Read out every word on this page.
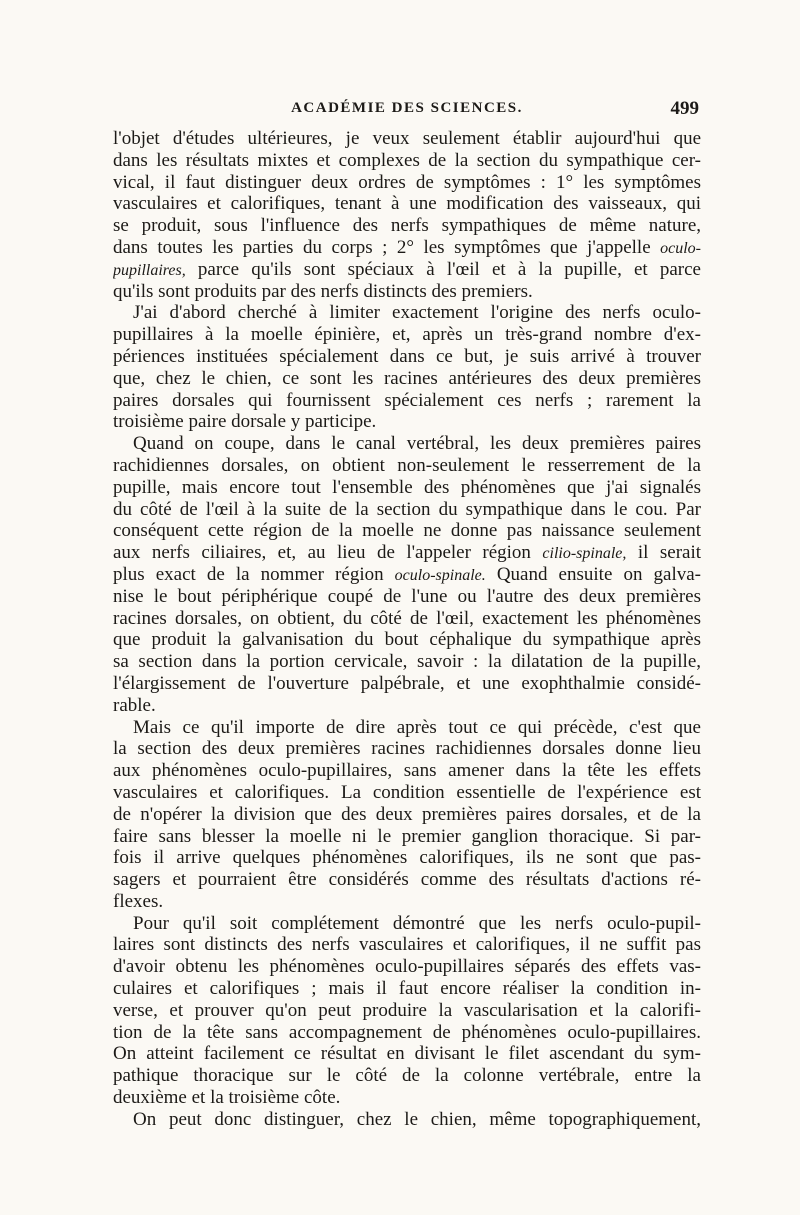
ACADÉMIE DES SCIENCES.	499
l'objet d'études ultérieures, je veux seulement établir aujourd'hui que
dans les résultats mixtes et complexes de la section du sympathique cer-
vical, il faut distinguer deux ordres de symptômes : 1° les symptômes
vasculaires et calorifiques, tenant à une modification des vaisseaux, qui
se produit, sous l'influence des nerfs sympathiques de même nature,
dans toutes les parties du corps ; 2° les symptômes que j'appelle oculo-
pupillaires, parce qu'ils sont spéciaux à l'œil et à la pupille, et parce
qu'ils sont produits par des nerfs distincts des premiers.
J'ai d'abord cherché à limiter exactement l'origine des nerfs oculo-
pupillaires à la moelle épinière, et, après un très-grand nombre d'ex-
périences instituées spécialement dans ce but, je suis arrivé à trouver
que, chez le chien, ce sont les racines antérieures des deux premières
paires dorsales qui fournissent spécialement ces nerfs ; rarement la
troisième paire dorsale y participe.
Quand on coupe, dans le canal vertébral, les deux premières paires
rachidiennes dorsales, on obtient non-seulement le resserrement de la
pupille, mais encore tout l'ensemble des phénomènes que j'ai signalés
du côté de l'œil à la suite de la section du sympathique dans le cou. Par
conséquent cette région de la moelle ne donne pas naissance seulement
aux nerfs ciliaires, et, au lieu de l'appeler région cilio-spinale, il serait
plus exact de la nommer région oculo-spinale. Quand ensuite on galva-
nise le bout périphérique coupé de l'une ou l'autre des deux premières
racines dorsales, on obtient, du côté de l'œil, exactement les phénomènes
que produit la galvanisation du bout céphalique du sympathique après
sa section dans la portion cervicale, savoir : la dilatation de la pupille,
l'élargissement de l'ouverture palpébrale, et une exophthalmie considé-
rable.
Mais ce qu'il importe de dire après tout ce qui précède, c'est que
la section des deux premières racines rachidiennes dorsales donne lieu
aux phénomènes oculo-pupillaires, sans amener dans la tête les effets
vasculaires et calorifiques. La condition essentielle de l'expérience est
de n'opérer la division que des deux premières paires dorsales, et de la
faire sans blesser la moelle ni le premier ganglion thoracique. Si par-
fois il arrive quelques phénomènes calorifiques, ils ne sont que pas-
sagers et pourraient être considérés comme des résultats d'actions ré-
flexes.
Pour qu'il soit complétement démontré que les nerfs oculo-pupil-
laires sont distincts des nerfs vasculaires et calorifiques, il ne suffit pas
d'avoir obtenu les phénomènes oculo-pupillaires séparés des effets vas-
culaires et calorifiques ; mais il faut encore réaliser la condition in-
verse, et prouver qu'on peut produire la vascularisation et la calorifi-
tion de la tête sans accompagnement de phénomènes oculo-pupillaires.
On atteint facilement ce résultat en divisant le filet ascendant du sym-
pathique thoracique sur le côté de la colonne vertébrale, entre la
deuxième et la troisième côte.
On peut donc distinguer, chez le chien, même topographiquement,
